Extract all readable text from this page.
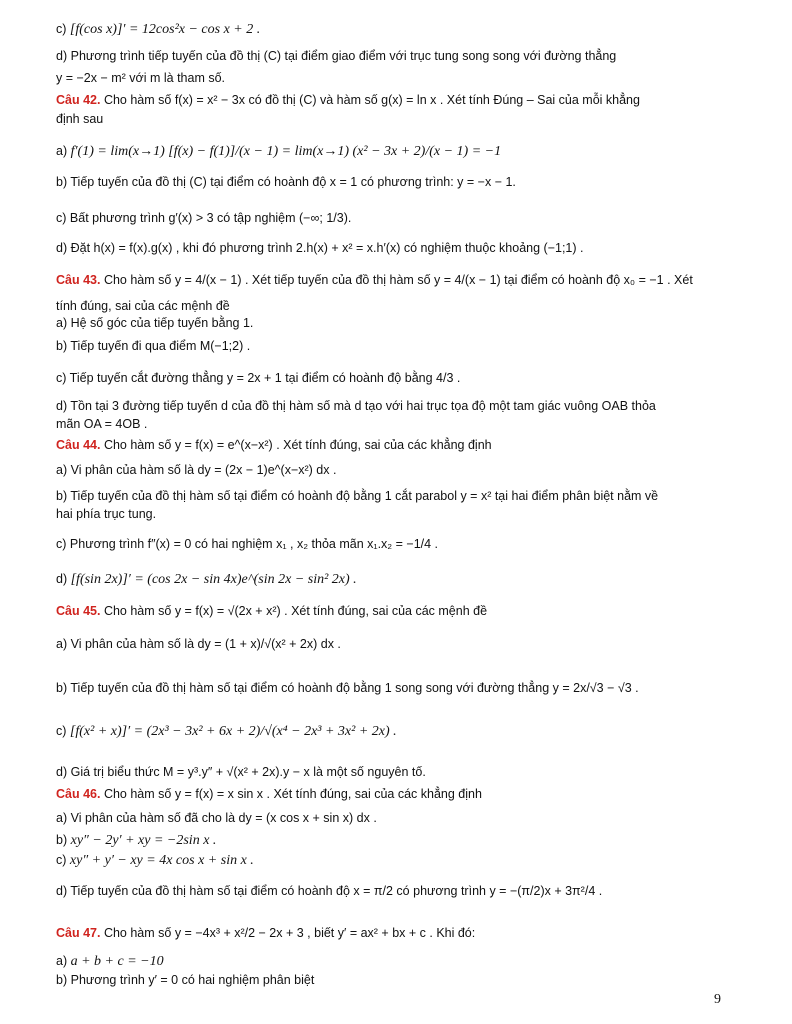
c) [f(cos x)]′ = 12cos²x − cos x + 2 .
d) Phương trình tiếp tuyến của đồ thị (C) tại điểm giao điểm với trục tung song song với đường thẳng
y = −2x − m² với m là tham số.
Câu 42. Cho hàm số f(x) = x² − 3x có đồ thị (C) và hàm số g(x) = ln x . Xét tính Đúng – Sai của mỗi khẳng
định sau
a) f′(1) = lim(x→1) [f(x) − f(1)]/(x − 1) = lim(x→1) (x² − 3x + 2)/(x − 1) = −1
b) Tiếp tuyến của đồ thị (C) tại điểm có hoành độ x = 1 có phương trình: y = −x − 1.
c) Bất phương trình g′(x) > 3 có tập nghiệm (−∞; 1/3).
d) Đặt h(x) = f(x).g(x) , khi đó phương trình 2.h(x) + x² = x.h′(x) có nghiệm thuộc khoảng (−1;1) .
Câu 43. Cho hàm số y = 4/(x − 1) . Xét tiếp tuyến của đồ thị hàm số y = 4/(x − 1) tại điểm có hoành độ x₀ = −1 . Xét
tính đúng, sai của các mệnh đề
a) Hệ số góc của tiếp tuyến bằng 1.
b) Tiếp tuyến đi qua điểm M(−1;2) .
c) Tiếp tuyến cắt đường thẳng y = 2x + 1 tại điểm có hoành độ bằng 4/3 .
d) Tồn tại 3 đường tiếp tuyến d của đồ thị hàm số mà d tạo với hai trục tọa độ một tam giác vuông OAB thỏa
mãn OA = 4OB .
Câu 44. Cho hàm số y = f(x) = e^(x−x²) . Xét tính đúng, sai của các khẳng định
a) Vi phân của hàm số là dy = (2x − 1)e^(x−x²) dx .
b) Tiếp tuyến của đồ thị hàm số tại điểm có hoành độ bằng 1 cắt parabol y = x² tại hai điểm phân biệt nằm về
hai phía trục tung.
c) Phương trình f″(x) = 0 có hai nghiệm x₁ , x₂ thỏa mãn x₁.x₂ = −1/4 .
d) [f(sin 2x)]′ = (cos 2x − sin 4x)e^(sin 2x − sin² 2x) .
Câu 45. Cho hàm số y = f(x) = √(2x + x²) . Xét tính đúng, sai của các mệnh đề
a) Vi phân của hàm số là dy = (1 + x)/√(x² + 2x) dx .
b) Tiếp tuyến của đồ thị hàm số tại điểm có hoành độ bằng 1 song song với đường thẳng y = 2x/√3 − √3 .
c) [f(x² + x)]′ = (2x³ − 3x² + 6x + 2)/√(x⁴ − 2x³ + 3x² + 2x) .
d) Giá trị biểu thức M = y³.y″ + √(x² + 2x).y − x là một số nguyên tố.
Câu 46. Cho hàm số y = f(x) = x sin x . Xét tính đúng, sai của các khẳng định
a) Vi phân của hàm số đã cho là dy = (x cos x + sin x) dx .
b) xy″ − 2y′ + xy = −2sin x .
c) xy″ + y′ − xy = 4x cos x + sin x .
d) Tiếp tuyến của đồ thị hàm số tại điểm có hoành độ x = π/2 có phương trình y = −(π/2)x + 3π²/4 .
Câu 47. Cho hàm số y = −4x³ + x²/2 − 2x + 3 , biết y′ = ax² + bx + c . Khi đó:
a) a + b + c = −10
b) Phương trình y′ = 0 có hai nghiệm phân biệt
9
